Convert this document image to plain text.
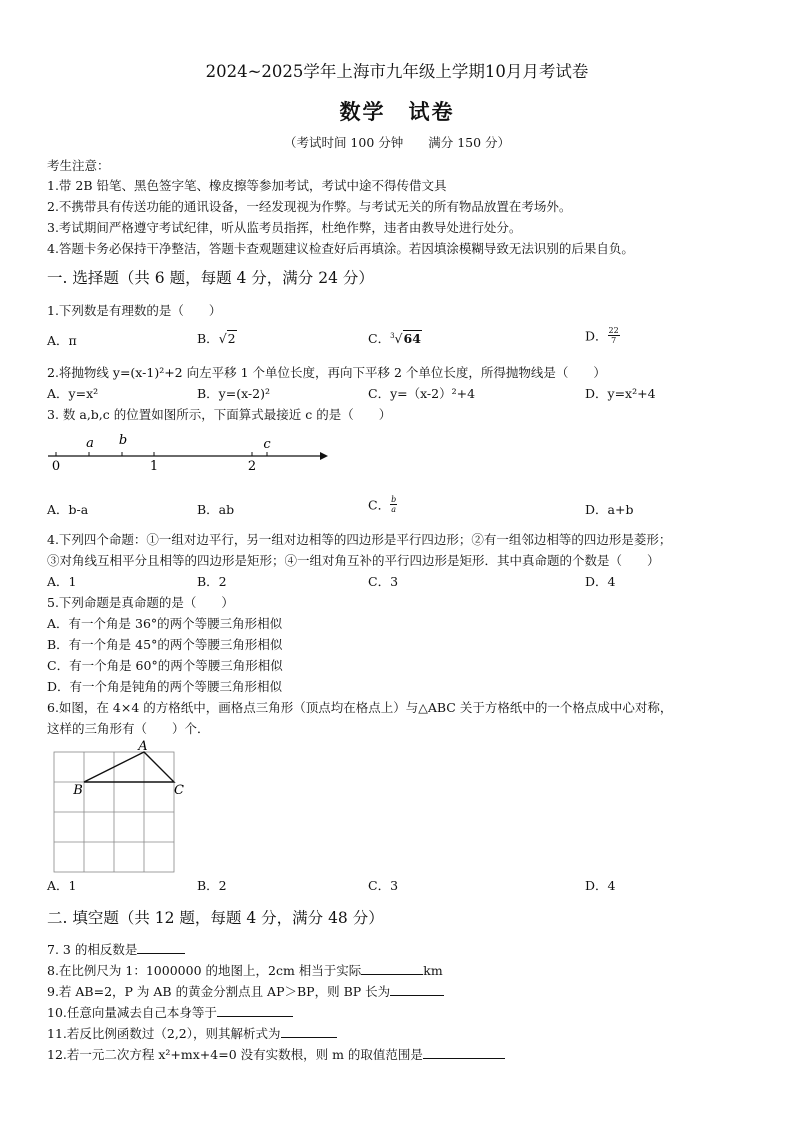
2024~2025学年上海市九年级上学期10月月考试卷
数学　试卷
（考试时间 100 分钟　　满分 150 分）
考生注意：
1.带 2B 铅笔、黑色签字笔、橡皮擦等参加考试，考试中途不得传借文具
2.不携带具有传送功能的通讯设备，一经发现视为作弊。与考试无关的所有物品放置在考场外。
3.考试期间严格遵守考试纪律，听从监考员指挥，杜绝作弊，违者由教导处进行处分。
4.答题卡务必保持干净整洁，答题卡查观题建议检查好后再填涂。若因填涂模糊导致无法识别的后果自负。
一. 选择题（共 6 题，每题 4 分，满分 24 分）
1.下列数是有理数的是（　　）
A．π	B．√2	C．$^3$√64	D． $\frac{22}{7}$
2.将抛物线 y=(x-1)²+2 向左平移 1 个单位长度，再向下平移 2 个单位长度，所得抛物线是（　　）
A．y=x²	B．y=(x-2)²	C．y=（x-2）²+4	D．y=x²+4
3. 数 a,b,c 的位置如图所示，下面算式最接近 c 的是（　　）
a b	c
0	1	2
A．b-a	B．ab	C． $\frac{b}{a}$	D．a+b
4.下列四个命题：①一组对边平行，另一组对边相等的四边形是平行四边形；②有一组邻边相等的四边形是菱形；
③对角线互相平分且相等的四边形是矩形；④一组对角互补的平行四边形是矩形．其中真命题的个数是（　　）
A．1	B．2	C．3	D．4
5.下列命题是真命题的是（　　）
A．有一个角是 36°的两个等腰三角形相似
B．有一个角是 45°的两个等腰三角形相似
C．有一个角是 60°的两个等腰三角形相似
D．有一个角是钝角的两个等腰三角形相似
6.如图，在 4×4 的方格纸中，画格点三角形（顶点均在格点上）与△ABC 关于方格纸中的一个格点成中心对称，
这样的三角形有（　　）个．
A
B	C
A．1	B．2	C．3	D．4
二. 填空题（共 12 题，每题 4 分，满分 48 分）
7. 3 的相反数是
8.在比例尺为 1：1000000 的地图上，2cm 相当于实际	km
9.若 AB=2，P 为 AB 的黄金分割点且 AP＞BP，则 BP 长为
10.任意向量减去自己本身等于
11.若反比例函数过（2,2），则其解析式为
12.若一元二次方程 x²+mx+4=0 没有实数根，则 m 的取值范围是
